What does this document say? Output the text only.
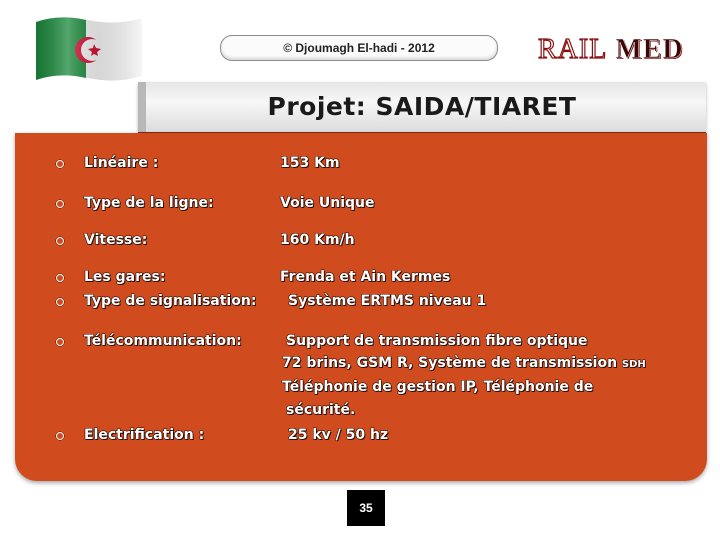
© Djoumagh El-hadi - 2012	RAIL MED
Projet: SAIDA/TIARET
Linéaire :	153 Km
Type de la ligne:	Voie Unique
Vitesse:	160 Km/h
Les gares:	Frenda et Ain Kermes
Type de signalisation: Système ERTMS niveau 1
Télécommunication:	Support de transmission fibre optique
72 brins, GSM R, Système de transmission SDH
Téléphonie de gestion IP, Téléphonie de
sécurité.
Electrification :	25 kv / 50 hz
35
